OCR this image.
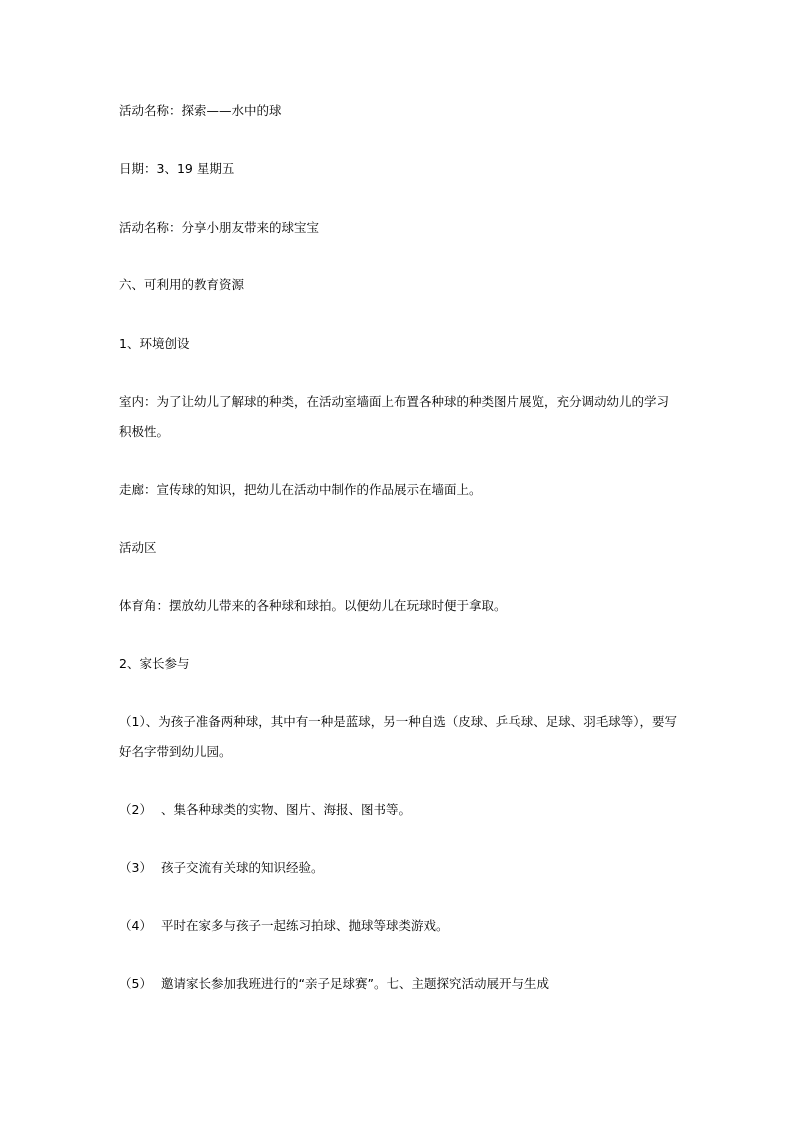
活动名称：探索——水中的球
日期：3、19 星期五
活动名称：分享小朋友带来的球宝宝
六、可利用的教育资源
1、环境创设
室内：为了让幼儿了解球的种类，在活动室墙面上布置各种球的种类图片展览，充分调动幼儿的学习积极性。
走廊：宣传球的知识，把幼儿在活动中制作的作品展示在墙面上。
活动区
体育角：摆放幼儿带来的各种球和球拍。以便幼儿在玩球时便于拿取。
2、家长参与
（1）、为孩子准备两种球，其中有一种是蓝球，另一种自选（皮球、乒乓球、足球、羽毛球等），要写好名字带到幼儿园。
（2） 、集各种球类的实物、图片、海报、图书等。
（3） 孩子交流有关球的知识经验。
（4） 平时在家多与孩子一起练习拍球、抛球等球类游戏。
（5） 邀请家长参加我班进行的“亲子足球赛”。七、主题探究活动展开与生成
